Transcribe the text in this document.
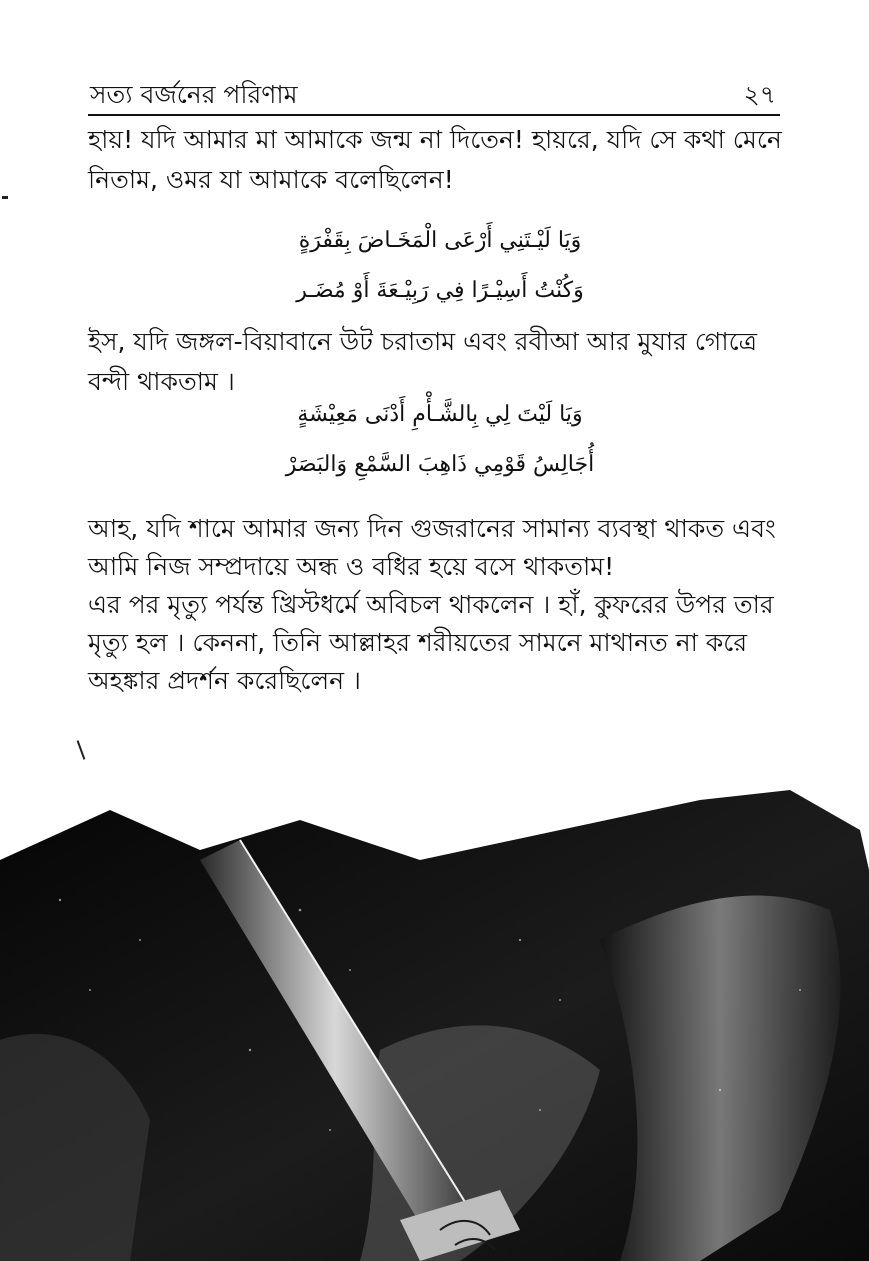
সত্য বর্জনের পরিণাম	২৭

হায়! যদি আমার মা আমাকে জন্ম না দিতেন! হায়রে, যদি সে কথা মেনে নিতাম, ওমর যা আমাকে বলেছিলেন!

وَيَا لَيْـتَنِي أَرْعَى الْمَخَـاضَ بِقَفْرَةٍ
وَكُنْتُ أَسِيْـرًا فِي رَبِيْـعَةَ أَوْ مُضَـر

ইস, যদি জঙ্গল-বিয়াবানে উট চরাতাম এবং রবীআ আর মুযার গোত্রে বন্দী থাকতাম ।

وَيَا لَيْتَ لِي بِالشَّـأْمِ أَدْنَى مَعِيْشَةٍ
أُجَالِسُ قَوْمِي ذَاهِبَ السَّمْعِ وَالبَصَرْ

আহ, যদি শামে আমার জন্য দিন গুজরানের সামান্য ব্যবস্থা থাকত এবং আমি নিজ সম্প্রদায়ে অন্ধ ও বধির হয়ে বসে থাকতাম!

এর পর মৃত্যু পর্যন্ত খ্রিস্টধর্মে অবিচল থাকলেন । হাঁ, কুফরের উপর তার মৃত্যু হল । কেননা, তিনি আল্লাহর শরীয়তের সামনে মাথানত না করে অহঙ্কার প্রদর্শন করেছিলেন ।
